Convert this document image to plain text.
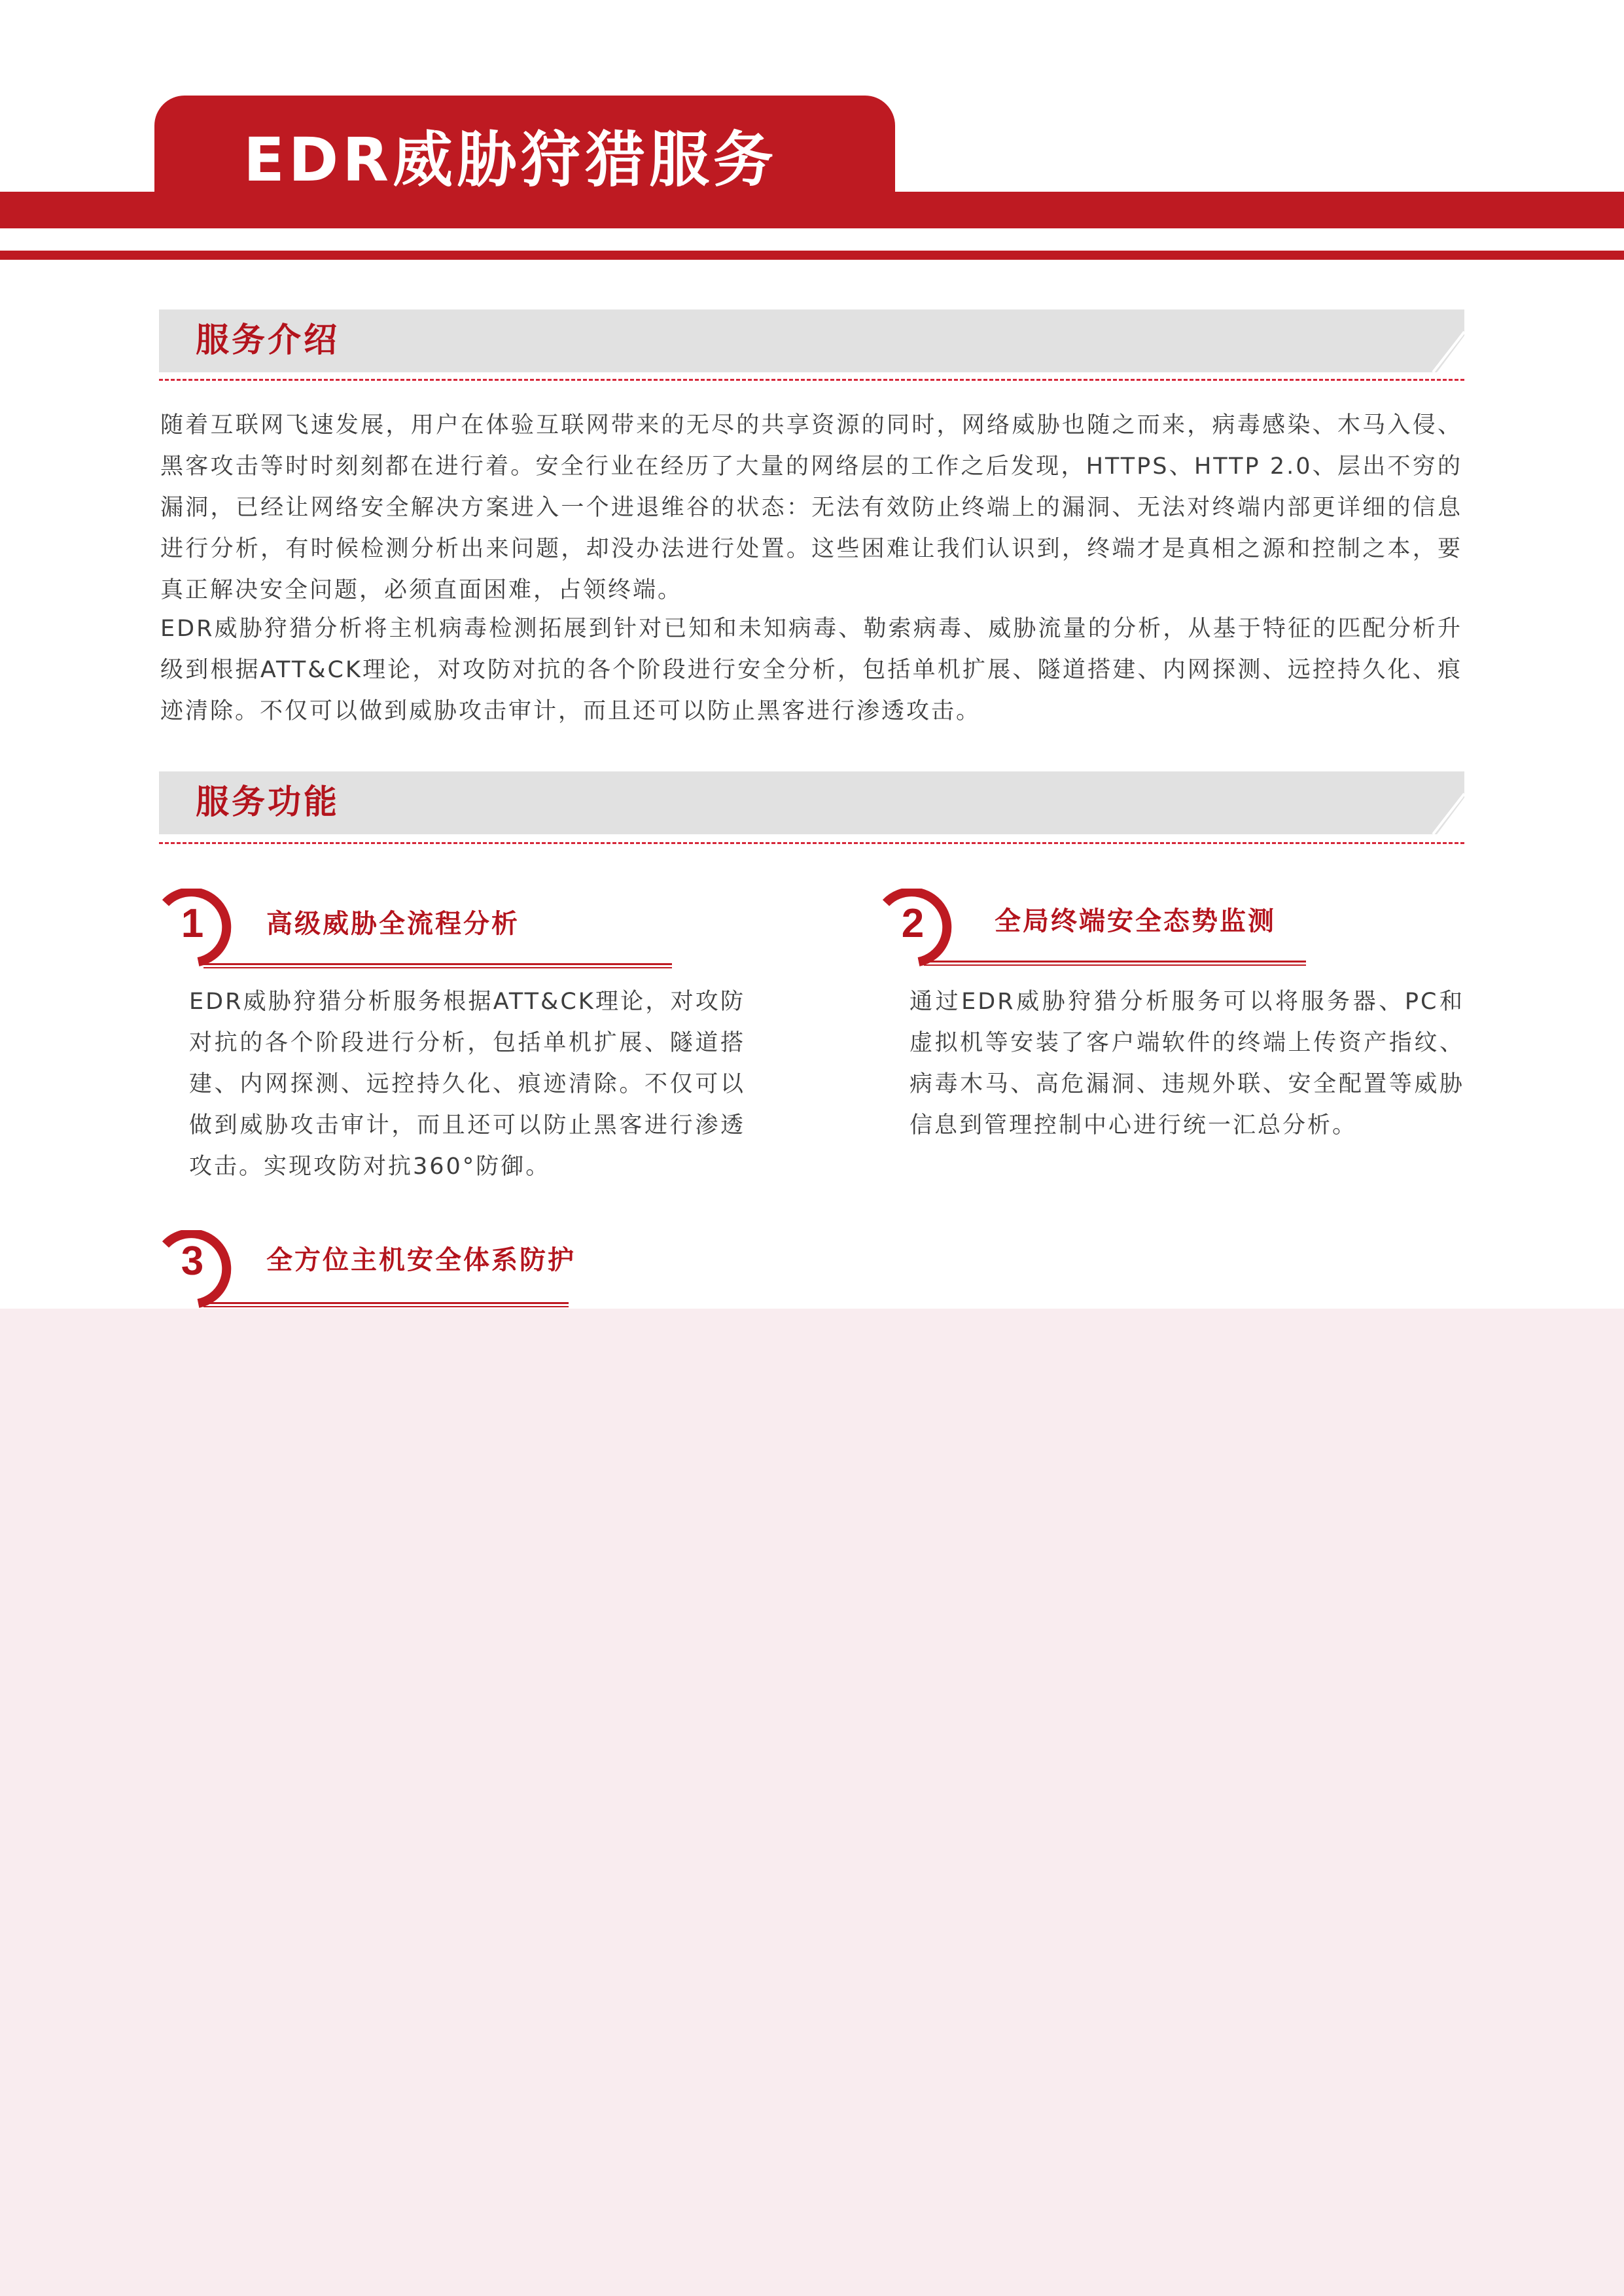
EDR威胁狩猎服务
服务介绍

随着互联网飞速发展，用户在体验互联网带来的无尽的共享资源的同时，网络威胁也随之而来，病毒感染、木马入侵、黑客攻击等时时刻刻都在进行着。安全行业在经历了大量的网络层的工作之后发现，HTTPS、HTTP 2.0、层出不穷的漏洞，已经让网络安全解决方案进入一个进退维谷的状态：无法有效防止终端上的漏洞、无法对终端内部更详细的信息进行分析，有时候检测分析出来问题，却没办法进行处置。这些困难让我们认识到，终端才是真相之源和控制之本，要真正解决安全问题，必须直面困难，占领终端。

EDR威胁狩猎分析将主机病毒检测拓展到针对已知和未知病毒、勒索病毒、威胁流量的分析，从基于特征的匹配分析升级到根据ATT&CK理论，对攻防对抗的各个阶段进行安全分析，包括单机扩展、隧道搭建、内网探测、远控持久化、痕迹清除。不仅可以做到威胁攻击审计，而且还可以防止黑客进行渗透攻击。

服务功能
1	高级威胁全流程分析

EDR威胁狩猎分析服务根据ATT&CK理论，对攻防对抗的各个阶段进行分析，包括单机扩展、隧道搭建、内网探测、远控持久化、痕迹清除。不仅可以做到威胁攻击审计，而且还可以防止黑客进行渗透攻击。实现攻防对抗360°防御。

2	全局终端安全态势监测

通过EDR威胁狩猎分析服务可以将服务器、PC和虚拟机等安装了客户端软件的终端上传资产指纹、病毒木马、高危漏洞、违规外联、安全配置等威胁信息到管理控制中心进行统一汇总分析。

3	全方位主机安全体系防护
